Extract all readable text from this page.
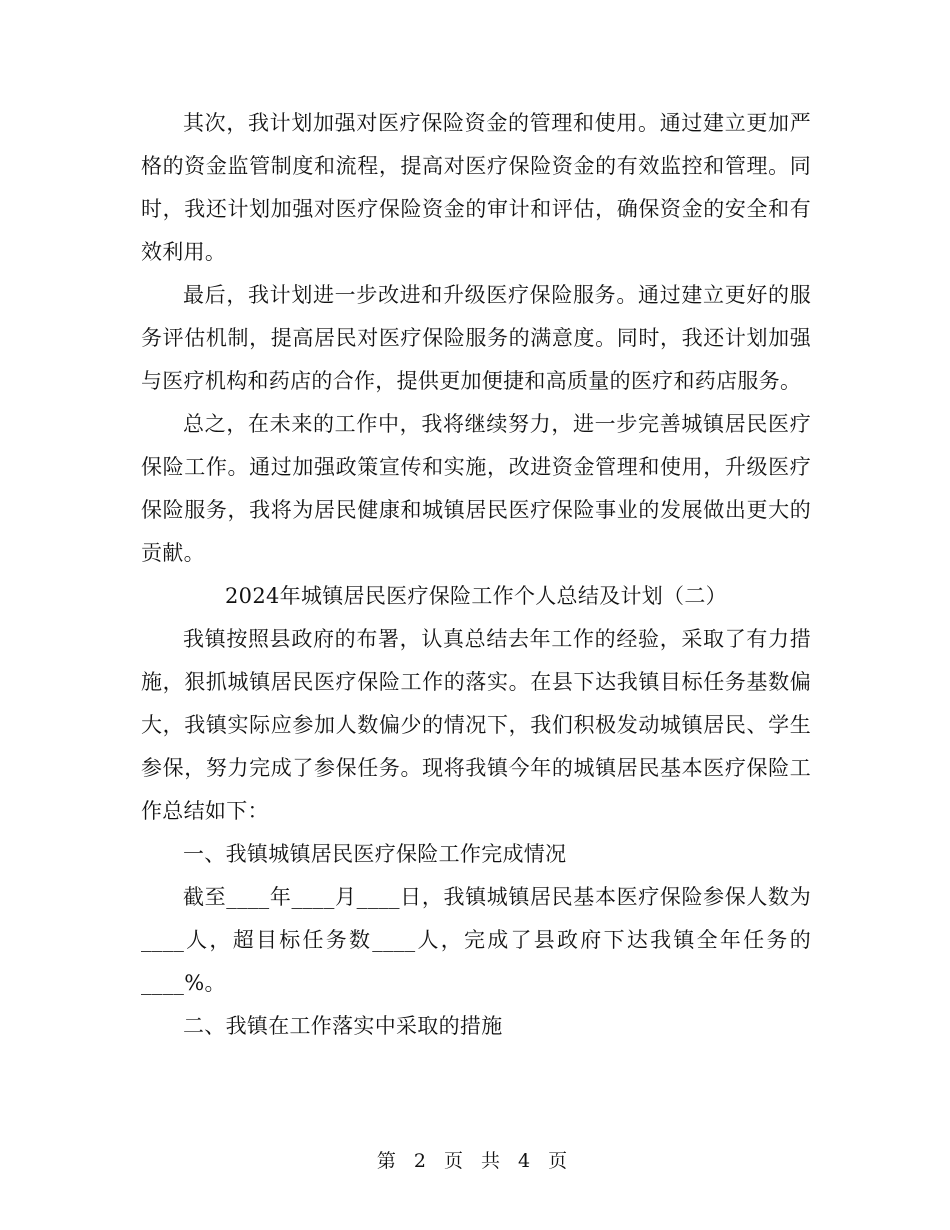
其次，我计划加强对医疗保险资金的管理和使用。通过建立更加严格的资金监管制度和流程，提高对医疗保险资金的有效监控和管理。同时，我还计划加强对医疗保险资金的审计和评估，确保资金的安全和有效利用。

最后，我计划进一步改进和升级医疗保险服务。通过建立更好的服务评估机制，提高居民对医疗保险服务的满意度。同时，我还计划加强与医疗机构和药店的合作，提供更加便捷和高质量的医疗和药店服务。

总之，在未来的工作中，我将继续努力，进一步完善城镇居民医疗保险工作。通过加强政策宣传和实施，改进资金管理和使用，升级医疗保险服务，我将为居民健康和城镇居民医疗保险事业的发展做出更大的贡献。

2024年城镇居民医疗保险工作个人总结及计划（二）

我镇按照县政府的布署，认真总结去年工作的经验，采取了有力措施，狠抓城镇居民医疗保险工作的落实。在县下达我镇目标任务基数偏大，我镇实际应参加人数偏少的情况下，我们积极发动城镇居民、学生参保，努力完成了参保任务。现将我镇今年的城镇居民基本医疗保险工作总结如下：

一、我镇城镇居民医疗保险工作完成情况

截至____年____月____日，我镇城镇居民基本医疗保险参保人数为____人，超目标任务数____人，完成了县政府下达我镇全年任务的____%。

二、我镇在工作落实中采取的措施

第 2 页 共 4 页
